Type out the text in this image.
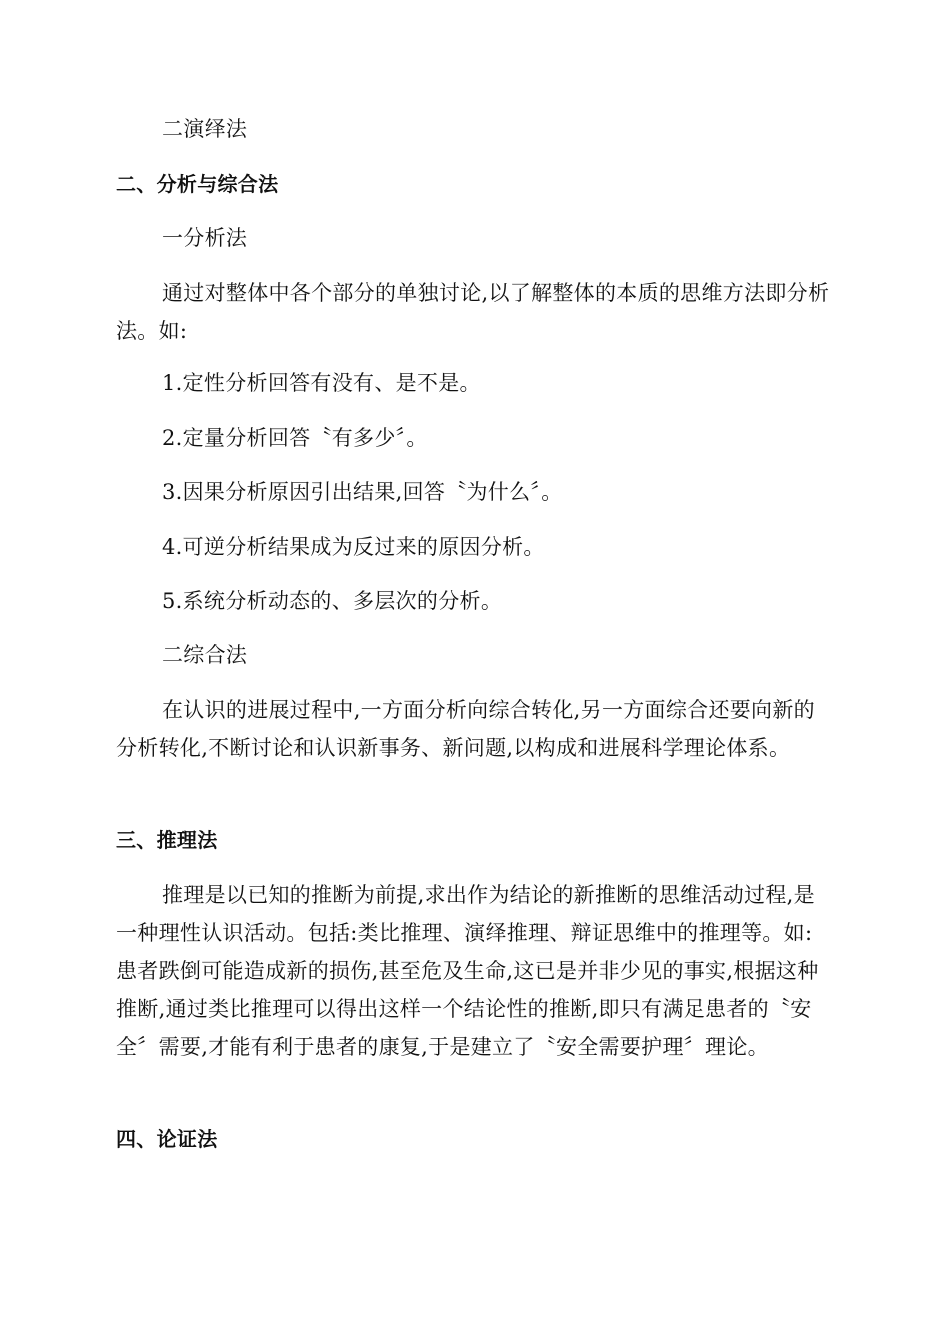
二演绎法
二、分析与综合法
一分析法
通过对整体中各个部分的单独讨论,以了解整体的本质的思维方法即分析法。如:
1.定性分析回答有没有、是不是。
2.定量分析回答〝有多少〞。
3.因果分析原因引出结果,回答〝为什么〞。
4.可逆分析结果成为反过来的原因分析。
5.系统分析动态的、多层次的分析。
二综合法
在认识的进展过程中,一方面分析向综合转化,另一方面综合还要向新的分析转化,不断讨论和认识新事务、新问题,以构成和进展科学理论体系。
三、推理法
推理是以已知的推断为前提,求出作为结论的新推断的思维活动过程,是一种理性认识活动。包括:类比推理、演绎推理、辩证思维中的推理等。如:患者跌倒可能造成新的损伤,甚至危及生命,这已是并非少见的事实,根据这种推断,通过类比推理可以得出这样一个结论性的推断,即只有满足患者的〝安全〞需要,才能有利于患者的康复,于是建立了〝安全需要护理〞理论。
四、论证法
